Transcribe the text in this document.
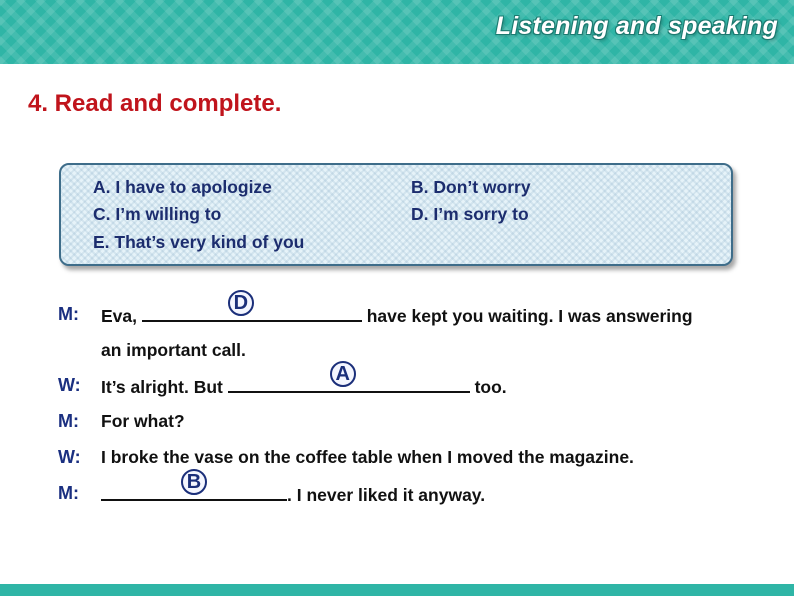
Listening and speaking
4. Read and complete.
A. I have to apologize	B. Don’t worry
C. I’m willing to	D. I’m sorry to
E. That’s very kind of you
M: Eva,
D
have kept you waiting. I was answering
an important call.
W: It’s alright. But
A
too.
M: For what?
W: I broke the vase on the coffee table when I moved the magazine.
M:	B
. I never liked it anyway.
